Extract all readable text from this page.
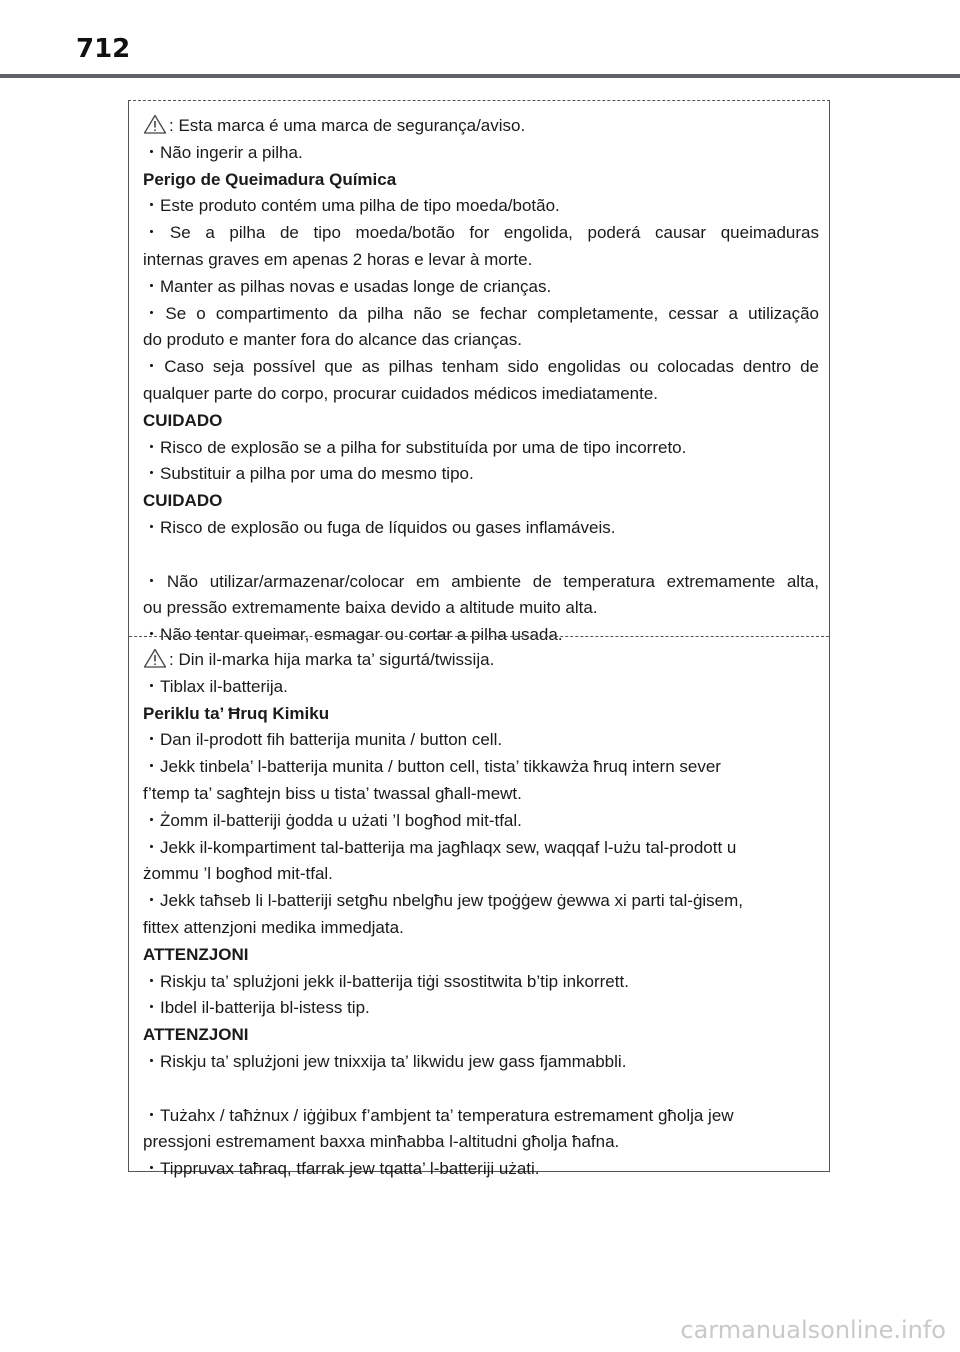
712
: Esta marca é uma marca de segurança/aviso.
・Não ingerir a pilha.
Perigo de Queimadura Química
・Este produto contém uma pilha de tipo moeda/botão.
・Se a pilha de tipo moeda/botão for engolida, poderá causar queimaduras
internas graves em apenas 2 horas e levar à morte.
・Manter as pilhas novas e usadas longe de crianças.
・Se o compartimento da pilha não se fechar completamente, cessar a utilização
do produto e manter fora do alcance das crianças.
・Caso seja possível que as pilhas tenham sido engolidas ou colocadas dentro de
qualquer parte do corpo, procurar cuidados médicos imediatamente.
CUIDADO
・Risco de explosão se a pilha for substituída por uma de tipo incorreto.
・Substituir a pilha por uma do mesmo tipo.
CUIDADO
・Risco de explosão ou fuga de líquidos ou gases inflamáveis.
・Não utilizar/armazenar/colocar em ambiente de temperatura extremamente alta,
ou pressão extremamente baixa devido a altitude muito alta.
・Não tentar queimar, esmagar ou cortar a pilha usada.
: Din il-marka hija marka ta’ sigurtá/twissija.
・Tiblax il-batterija.
Periklu ta’ Ħruq Kimiku
・Dan il-prodott fih batterija munita / button cell.
・Jekk tinbela’ l-batterija munita / button cell, tista’ tikkawża ħruq intern sever
f’temp ta’ sagħtejn biss u tista’ twassal għall-mewt.
・Żomm il-batteriji ġodda u użati ’l bogħod mit-tfal.
・Jekk il-kompartiment tal-batterija ma jagħlaqx sew, waqqaf l-użu tal-prodott u
żommu ’l bogħod mit-tfal.
・Jekk taħseb li l-batteriji setgħu nbelgħu jew tpoġġew ġewwa xi parti tal-ġisem,
fittex attenzjoni medika immedjata.
ATTENZJONI
・Riskju ta’ splużjoni jekk il-batterija tiġi ssostitwita b’tip inkorrett.
・Ibdel il-batterija bl-istess tip.
ATTENZJONI
・Riskju ta’ splużjoni jew tnixxija ta’ likwidu jew gass fjammabbli.
・Tużahx / taħżnux / iġġibux f’ambjent ta’ temperatura estremament għolja jew
pressjoni estremament baxxa minħabba l-altitudni għolja ħafna.
・Tippruvax taħraq, tfarrak jew tqatta’ l-batteriji użati.
carmanualsonline.info
